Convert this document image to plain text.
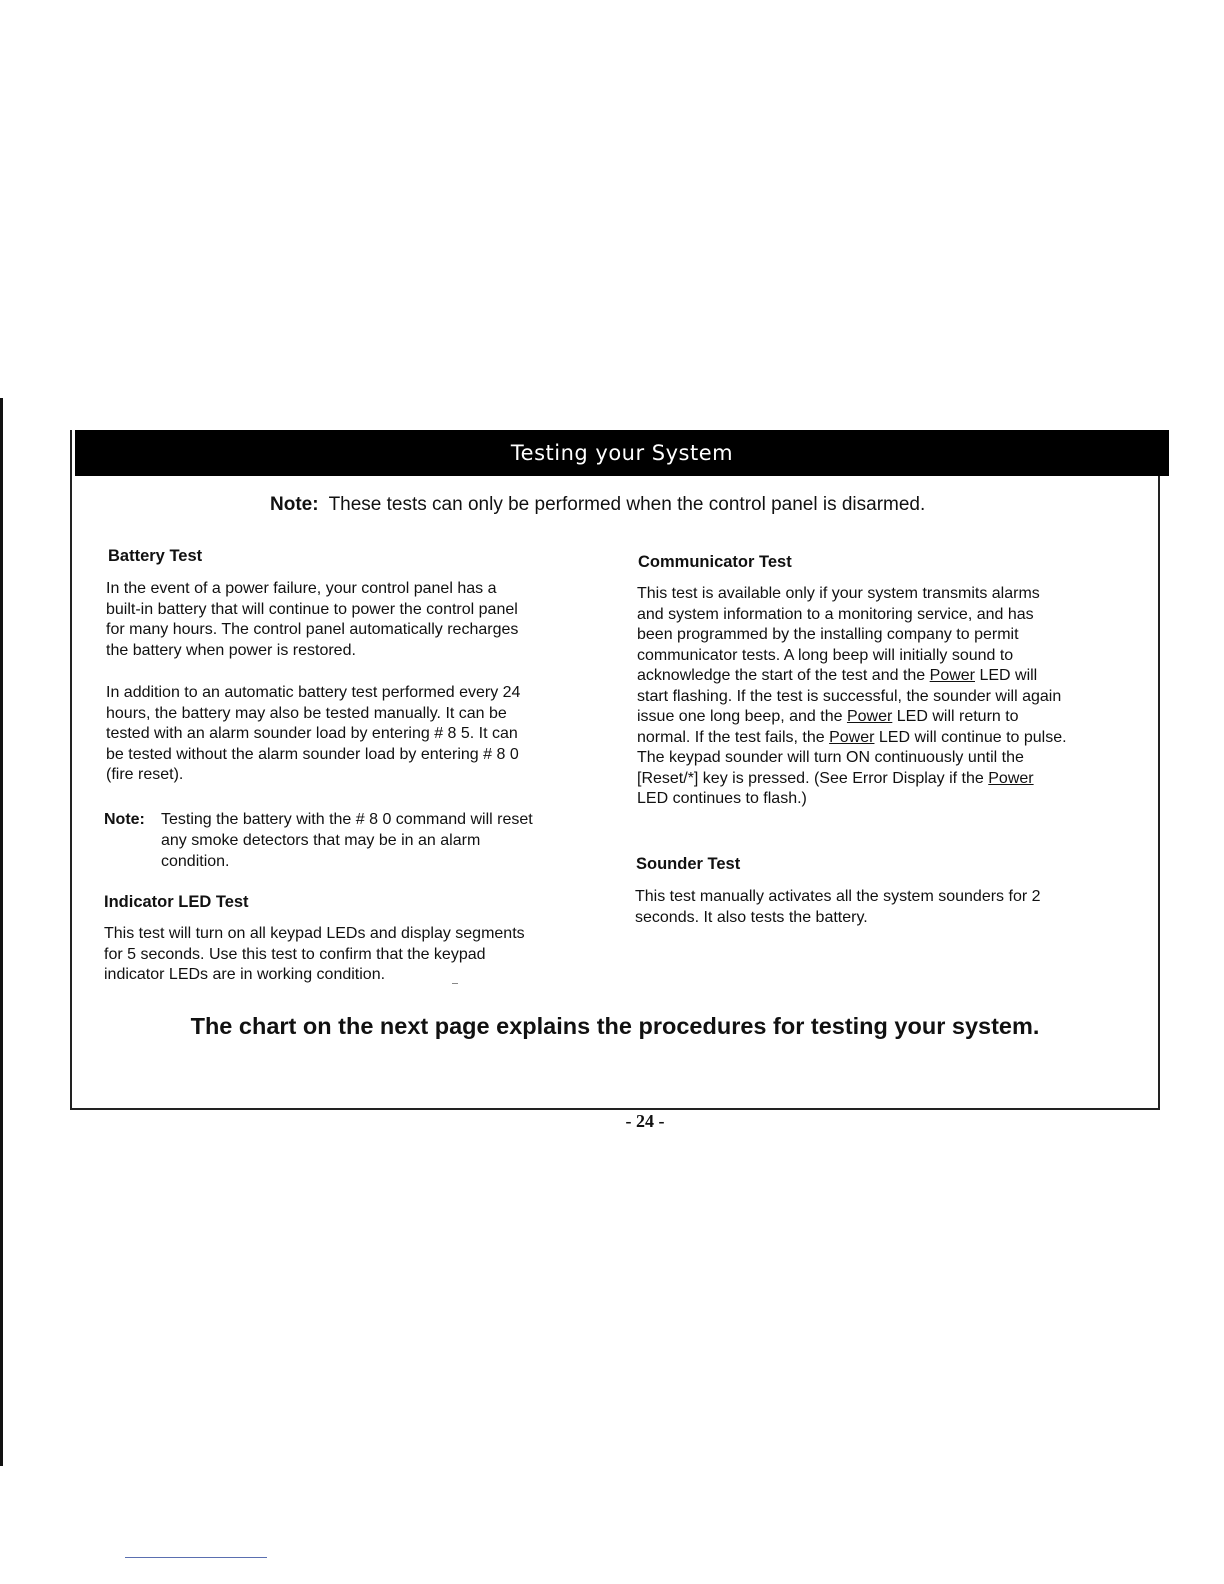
Testing your System
Note: These tests can only be performed when the control panel is disarmed.
Battery Test
In the event of a power failure, your control panel has a
built-in battery that will continue to power the control panel
for many hours. The control panel automatically recharges
the battery when power is restored.
In addition to an automatic battery test performed every 24
hours, the battery may also be tested manually. It can be
tested with an alarm sounder load by entering # 8 5. It can
be tested without the alarm sounder load by entering # 8 0
(fire reset).
Note: Testing the battery with the # 8 0 command will reset
any smoke detectors that may be in an alarm
condition.
Indicator LED Test
This test will turn on all keypad LEDs and display segments
for 5 seconds. Use this test to confirm that the keypad
indicator LEDs are in working condition.
Communicator Test
This test is available only if your system transmits alarms
and system information to a monitoring service, and has
been programmed by the installing company to permit
communicator tests. A long beep will initially sound to
acknowledge the start of the test and the Power LED will
start flashing. If the test is successful, the sounder will again
issue one long beep, and the Power LED will return to
normal. If the test fails, the Power LED will continue to pulse.
The keypad sounder will turn ON continuously until the
[Reset/*] key is pressed. (See Error Display if the Power
LED continues to flash.)
Sounder Test
This test manually activates all the system sounders for 2
seconds. It also tests the battery.
The chart on the next page explains the procedures for testing your system.
- 24 -
